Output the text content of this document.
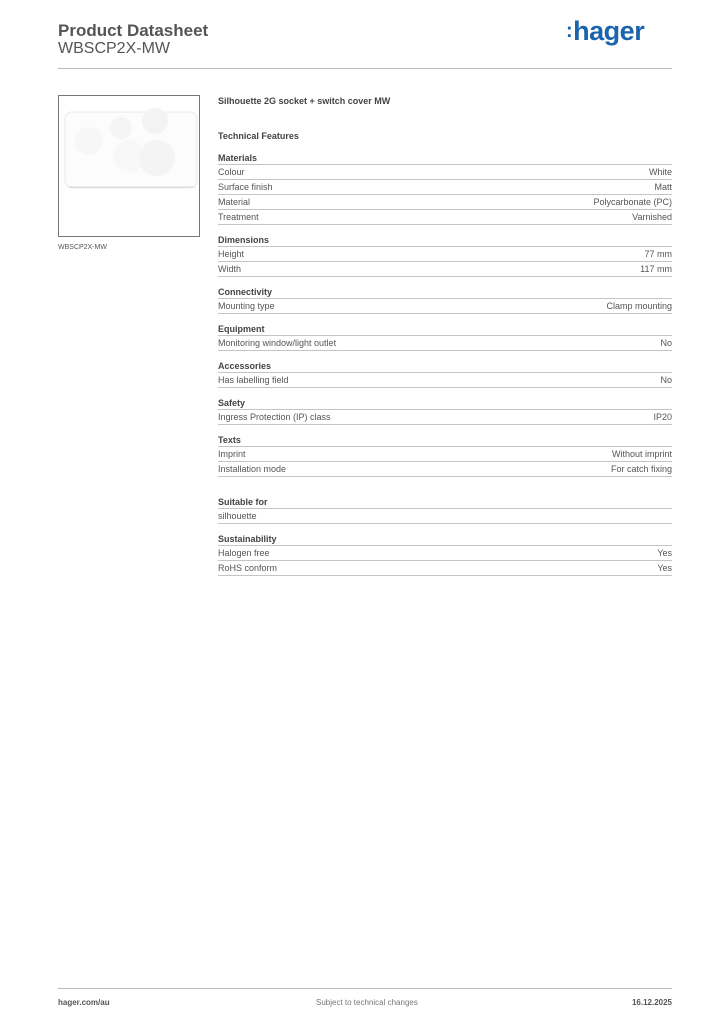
Product Datasheet
WBSCP2X-MW
:hager
WBSCP2X-MW
Silhouette 2G socket + switch cover MW
Technical Features
Materials
Colour	White
Surface finish	Matt
Material	Polycarbonate (PC)
Treatment	Varnished
Dimensions
Height	77 mm
Width	117 mm
Connectivity
Mounting type	Clamp mounting
Equipment
Monitoring window/light outlet	No
Accessories
Has labelling field	No
Safety
Ingress Protection (IP) class	IP20
Texts
Imprint	Without imprint
Installation mode	For catch fixing
Suitable for
silhouette
Sustainability
Halogen free	Yes
RoHS conform	Yes
hager.com/au	Subject to technical changes	16.12.2025
